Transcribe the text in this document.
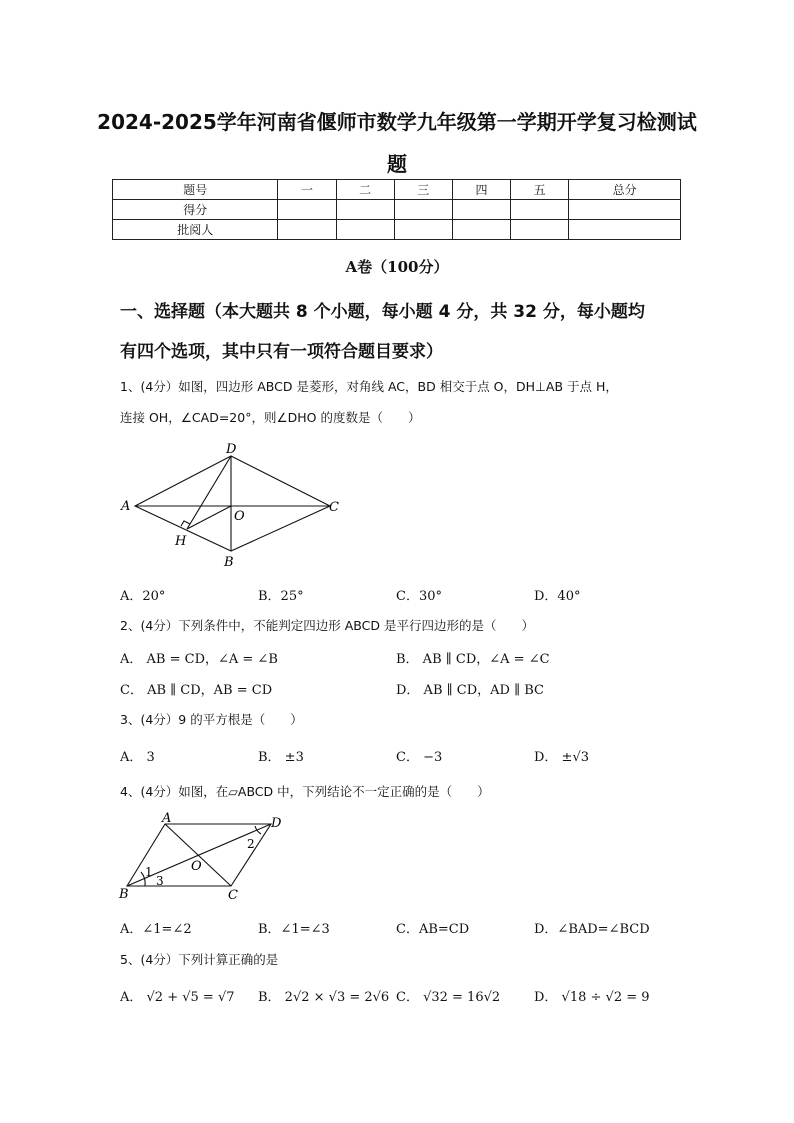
2024-2025学年河南省偃师市数学九年级第一学期开学复习检测试
题
题号	一	二	三	四	五	总分
得分						
批阅人						
A卷（100分）
一、选择题（本大题共 8 个小题，每小题 4 分，共 32 分，每小题均
有四个选项，其中只有一项符合题目要求）
1、(4分）如图，四边形 ABCD 是菱形，对角线 AC，BD 相交于点 O，DH⊥AB 于点 H，
连接 OH，∠CAD=20°，则∠DHO 的度数是（　　）
A
D
C
B
O
H
A．20°	B．25°	C．30°	D．40°
2、(4分）下列条件中，不能判定四边形 ABCD 是平行四边形的是（　　）
A． AB = CD，∠A = ∠B	B． AB ∥ CD，∠A = ∠C
C． AB ∥ CD，AB = CD	D． AB ∥ CD，AD ∥ BC
3、(4分）9 的平方根是（　　）
A． 3	B． ±3	C． −3	D． ±√3
4、(4分）如图，在▱ABCD 中，下列结论不一定正确的是（　　）
A	D
B	C
O
1
2
3
A．∠1=∠2	B．∠1=∠3	C．AB=CD	D．∠BAD=∠BCD
5、(4分）下列计算正确的是
A． √2 + √5 = √7 B． 2√2 × √3 = 2√6 C． √32 = 16√2	D． √18 ÷ √2 = 9
